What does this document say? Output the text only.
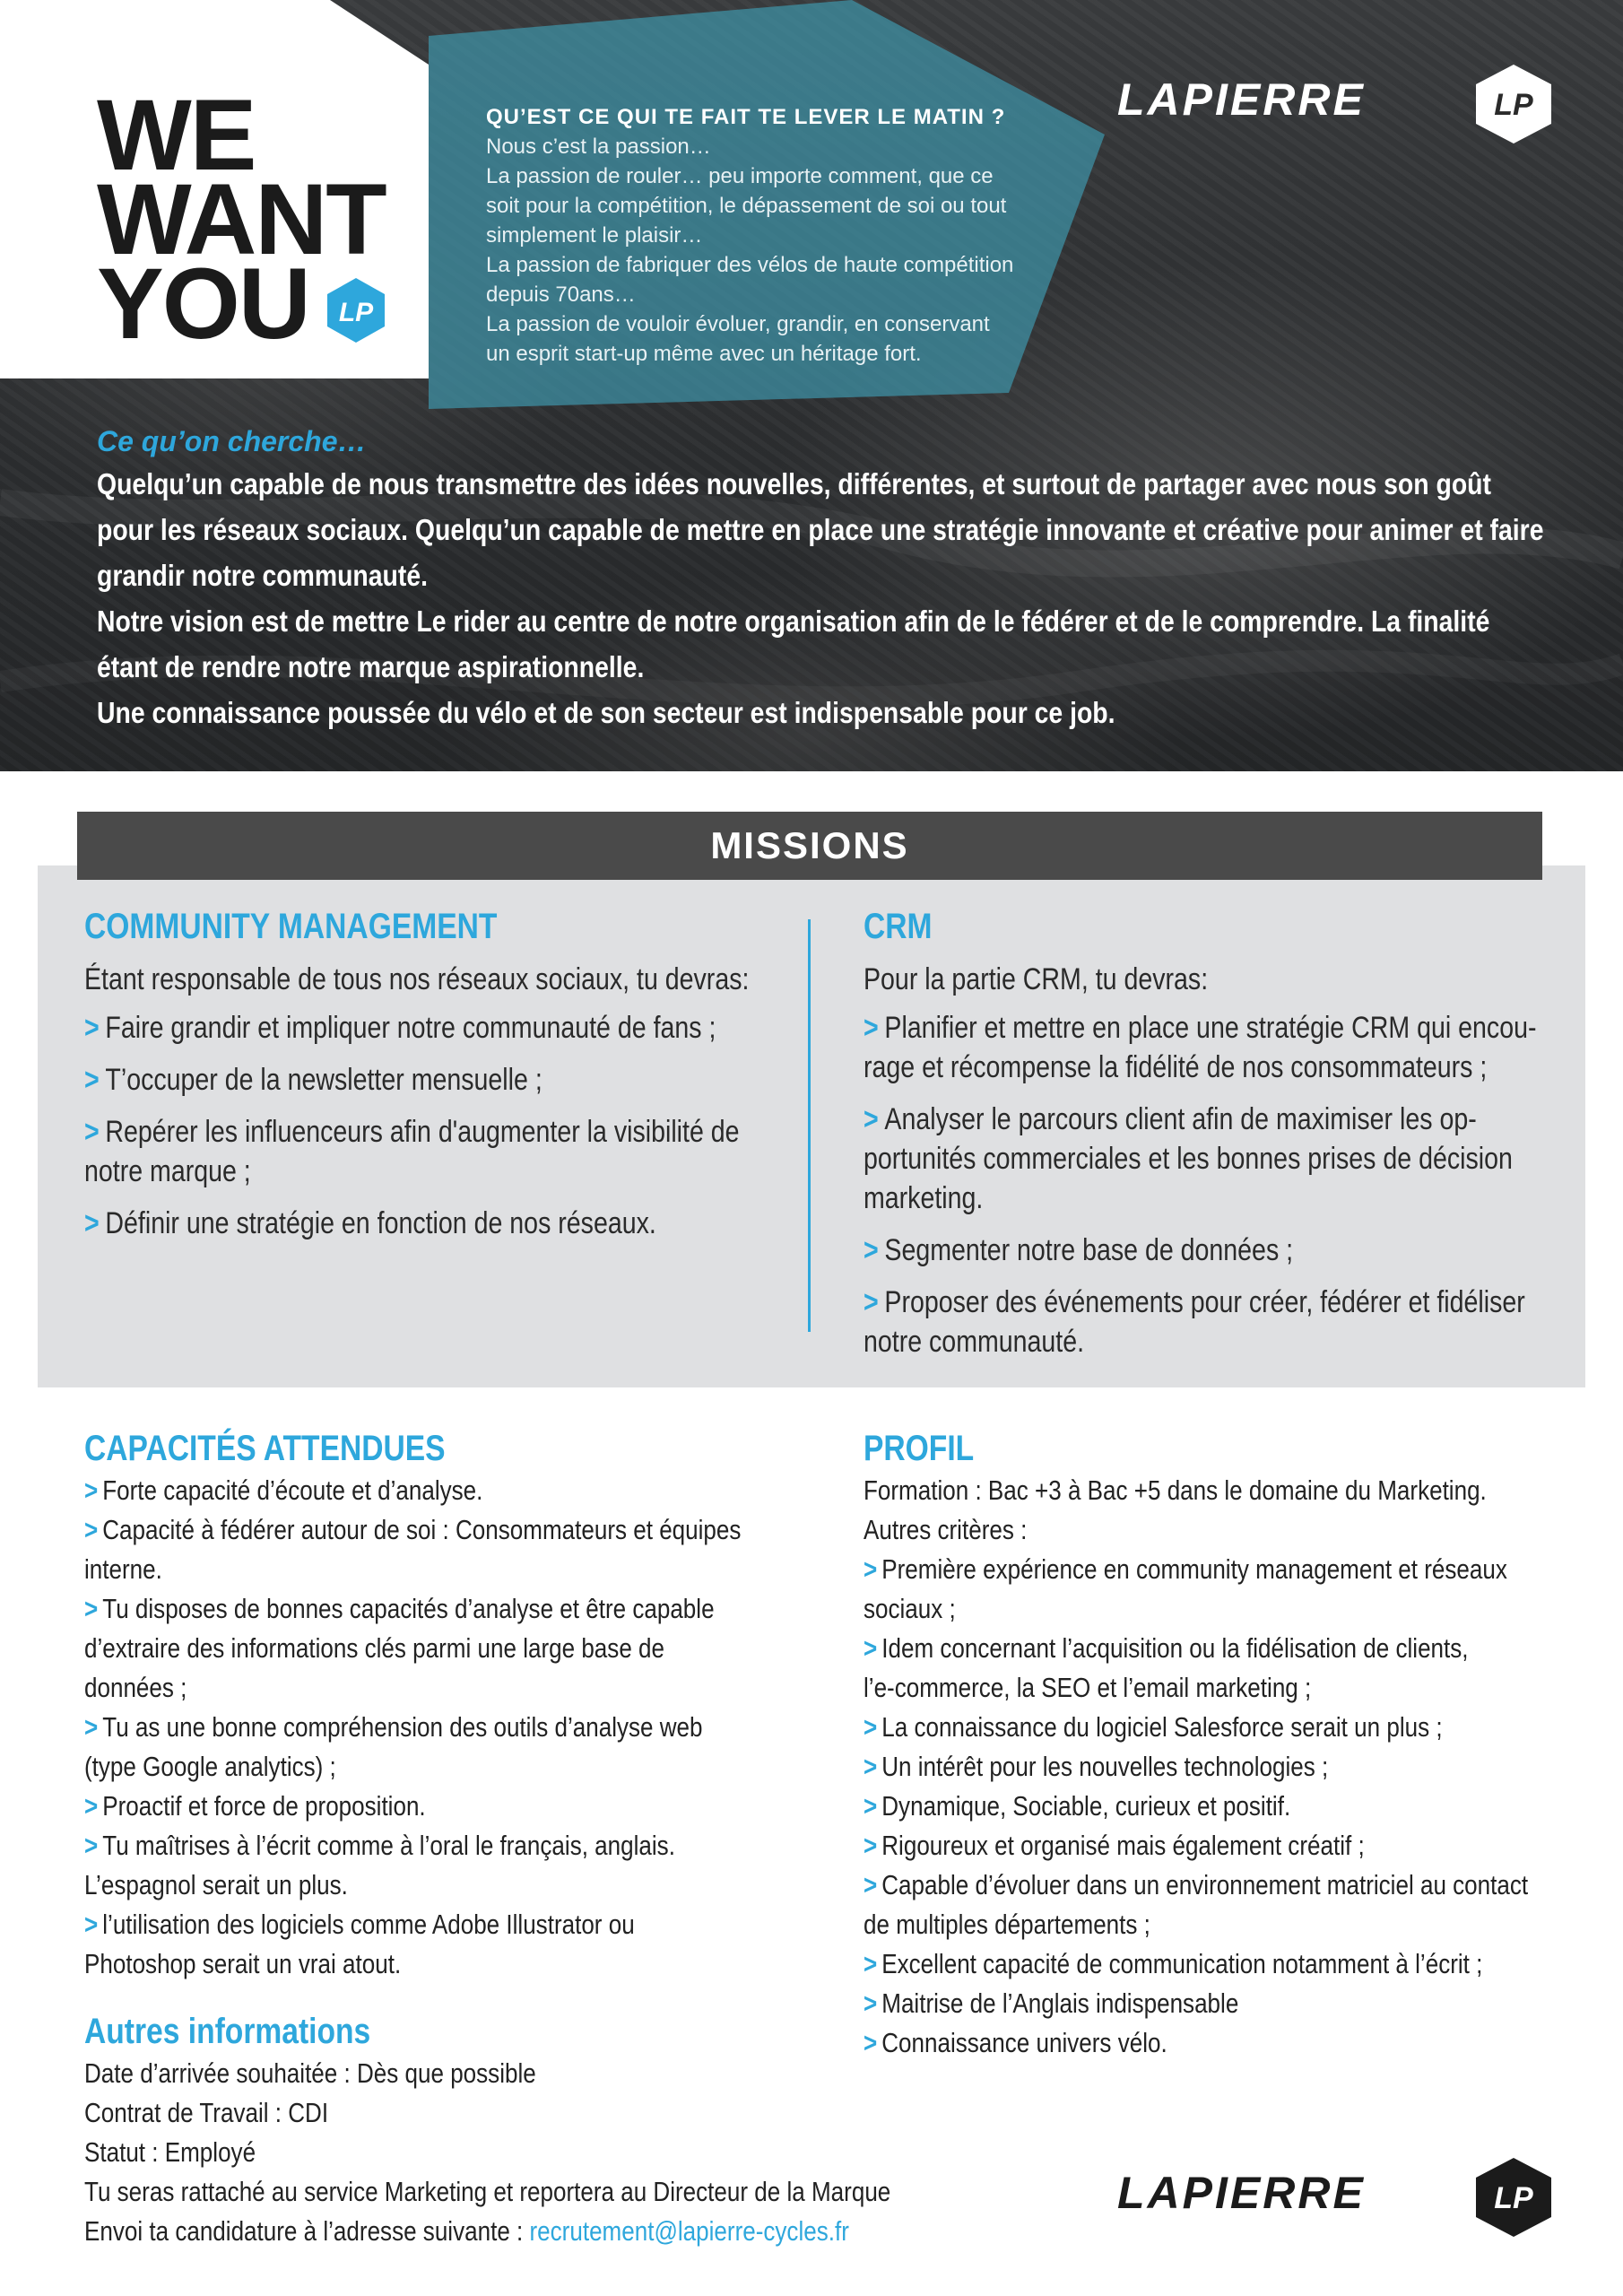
WE
WANT
YOU	LP

QU’EST CE QUI TE FAIT TE LEVER LE MATIN ?

Nous c’est la passion…

La passion de rouler… peu importe comment, que ce

soit pour la compétition, le dépassement de soi ou tout

simplement le plaisir…

La passion de fabriquer des vélos de haute compétition

depuis 70ans…

La passion de vouloir évoluer, grandir, en conservant

un esprit start-up même avec un héritage fort.

LAPIERRE	LP
Ce qu’on cherche…

Quelqu’un capable de nous transmettre des idées nouvelles, différentes, et surtout de partager avec nous son goût

pour les réseaux sociaux. Quelqu’un capable de mettre en place une stratégie innovante et créative pour animer et faire

grandir notre communauté.

Notre vision est de mettre Le rider au centre de notre organisation afin de le fédérer et de le comprendre. La finalité

étant de rendre notre marque aspirationnelle.

Une connaissance poussée du vélo et de son secteur est indispensable pour ce job.

MISSIONS

COMMUNITY MANAGEMENT

Étant responsable de tous nos réseaux sociaux, tu devras:

> Faire grandir et impliquer notre communauté de fans ;
> T’occuper de la newsletter mensuelle ;
> Repérer les influenceurs afin d'augmenter la visibilité de
notre marque ;
> Définir une stratégie en fonction de nos réseaux.

CRM

Pour la partie CRM, tu devras:

> Planifier et mettre en place une stratégie CRM qui encou-
rage et récompense la fidélité de nos consommateurs ;
> Analyser le parcours client afin de maximiser les op-
portunités commerciales et les bonnes prises de décision
marketing.
> Segmenter notre base de données ;
> Proposer des événements pour créer, fédérer et fidéliser
notre communauté.

CAPACITÉS ATTENDUES

> Forte capacité d’écoute et d’analyse.

> Capacité à fédérer autour de soi : Consommateurs et équipes

interne.

> Tu disposes de bonnes capacités d’analyse et être capable

d’extraire des informations clés parmi une large base de

données ;

> Tu as une bonne compréhension des outils d’analyse web

(type Google analytics) ;

> Proactif et force de proposition.

> Tu maîtrises à l’écrit comme à l’oral le français, anglais.

L’espagnol serait un plus.

> l’utilisation des logiciels comme Adobe Illustrator ou

Photoshop serait un vrai atout.

Autres informations

Date d’arrivée souhaitée : Dès que possible

Contrat de Travail : CDI

Statut : Employé

Tu seras rattaché au service Marketing et reportera au Directeur de la Marque

Envoi ta candidature à l’adresse suivante : recrutement@lapierre-cycles.fr

PROFIL

Formation : Bac +3 à Bac +5 dans le domaine du Marketing.

Autres critères :

> Première expérience en community management et réseaux

sociaux ;

> Idem concernant l’acquisition ou la fidélisation de clients,

l’e-commerce, la SEO et l’email marketing ;

> La connaissance du logiciel Salesforce serait un plus ;

> Un intérêt pour les nouvelles technologies ;

> Dynamique, Sociable, curieux et positif.

> Rigoureux et organisé mais également créatif ;

> Capable d’évoluer dans un environnement matriciel au contact

de multiples départements ;

> Excellent capacité de communication notamment à l’écrit ;

> Maitrise de l’Anglais indispensable

> Connaissance univers vélo.

LAPIERRE	LP
